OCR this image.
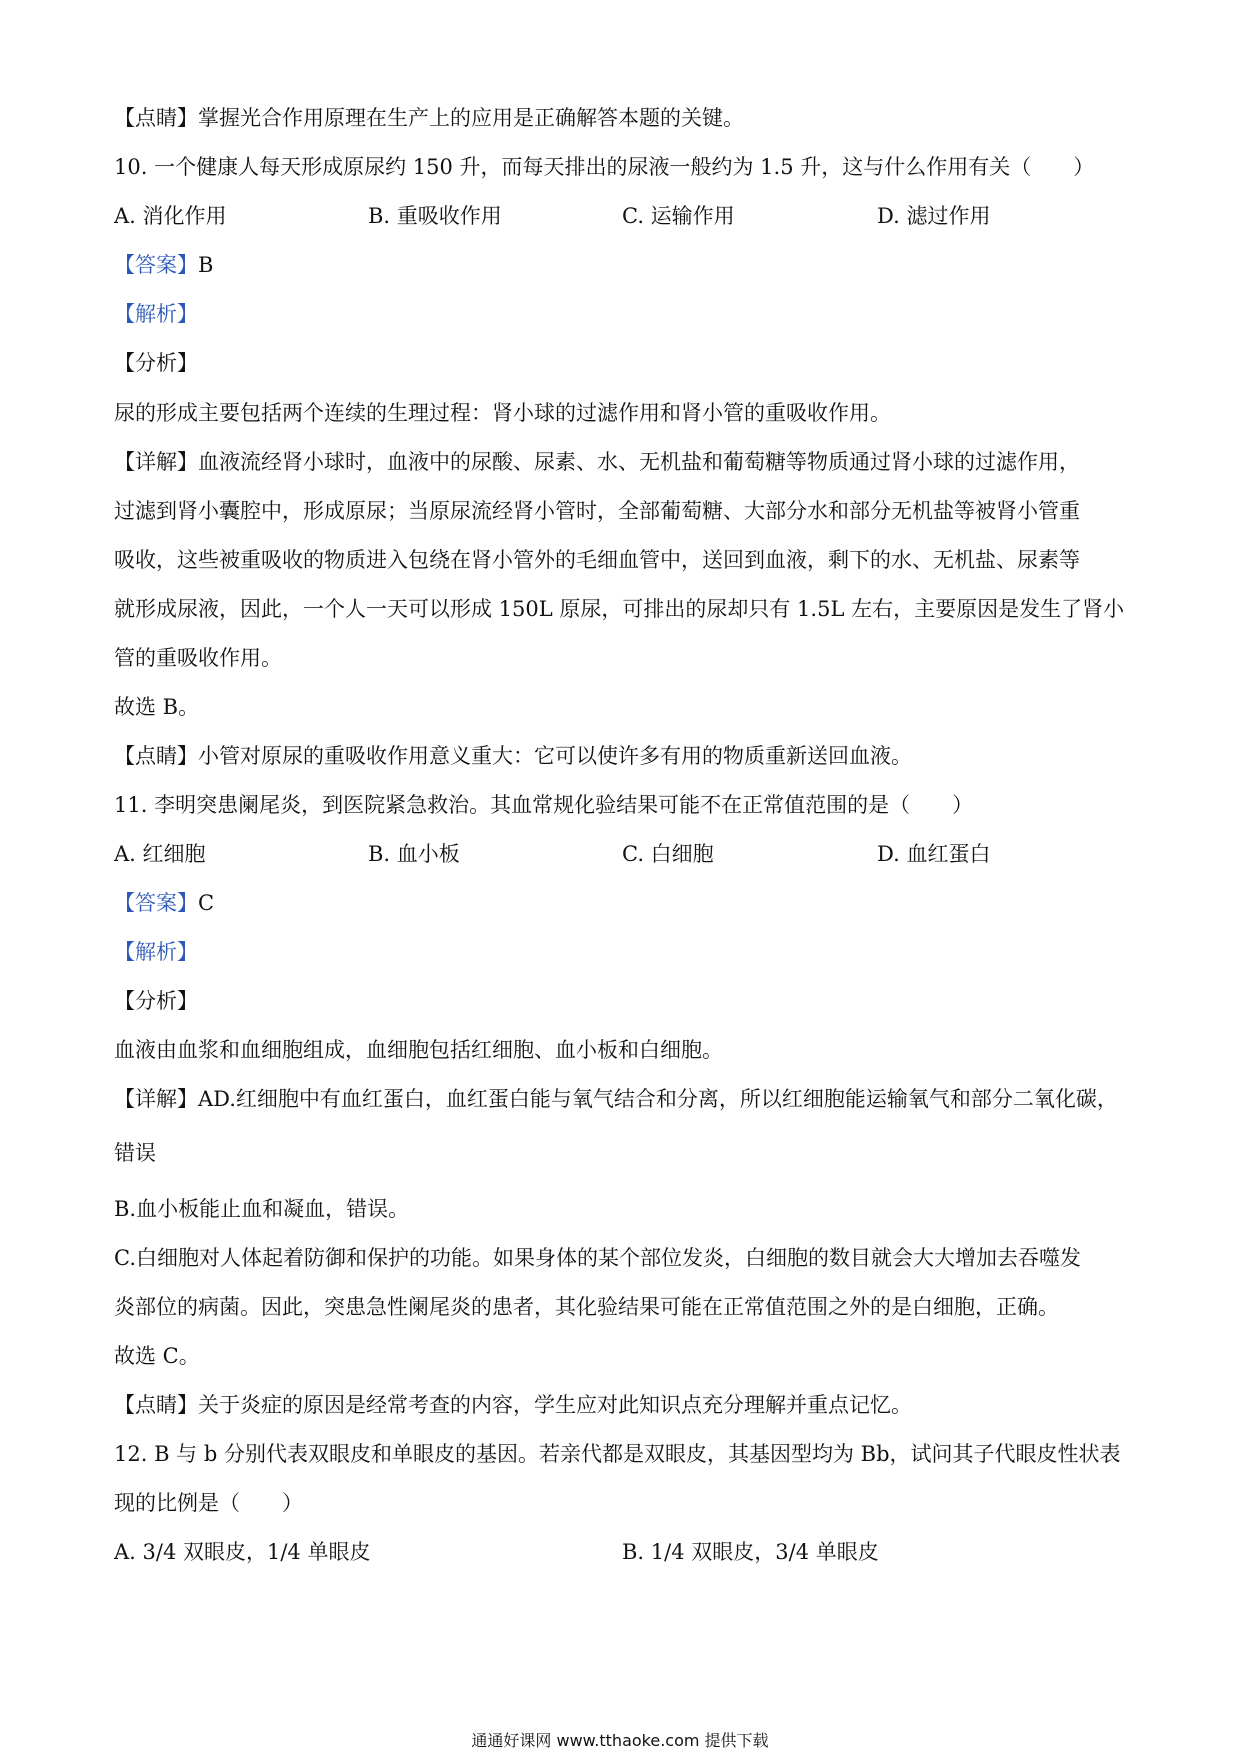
【点睛】掌握光合作用原理在生产上的应用是正确解答本题的关键。
10. 一个健康人每天形成原尿约 150 升，而每天排出的尿液一般约为 1.5 升，这与什么作用有关（　　）
A. 消化作用	B. 重吸收作用	C. 运输作用	D. 滤过作用
【答案】B
【解析】
【分析】
尿的形成主要包括两个连续的生理过程：肾小球的过滤作用和肾小管的重吸收作用。
【详解】血液流经肾小球时，血液中的尿酸、尿素、水、无机盐和葡萄糖等物质通过肾小球的过滤作用，
过滤到肾小囊腔中，形成原尿；当原尿流经肾小管时，全部葡萄糖、大部分水和部分无机盐等被肾小管重
吸收，这些被重吸收的物质进入包绕在肾小管外的毛细血管中，送回到血液，剩下的水、无机盐、尿素等
就形成尿液，因此，一个人一天可以形成 150L 原尿，可排出的尿却只有 1.5L 左右，主要原因是发生了肾小
管的重吸收作用。
故选 B。
【点睛】小管对原尿的重吸收作用意义重大：它可以使许多有用的物质重新送回血液。
11. 李明突患阑尾炎，到医院紧急救治。其血常规化验结果可能不在正常值范围的是（　　）
A. 红细胞	B. 血小板	C. 白细胞	D. 血红蛋白
【答案】C
【解析】
【分析】
血液由血浆和血细胞组成，血细胞包括红细胞、血小板和白细胞。
【详解】AD.红细胞中有血红蛋白，血红蛋白能与氧气结合和分离，所以红细胞能运输氧气和部分二氧化碳，
错误
B.血小板能止血和凝血，错误。
C.白细胞对人体起着防御和保护的功能。如果身体的某个部位发炎，白细胞的数目就会大大增加去吞噬发
炎部位的病菌。因此，突患急性阑尾炎的患者，其化验结果可能在正常值范围之外的是白细胞，正确。
故选 C。
【点睛】关于炎症的原因是经常考查的内容，学生应对此知识点充分理解并重点记忆。
12. B 与 b 分别代表双眼皮和单眼皮的基因。若亲代都是双眼皮，其基因型均为 Bb，试问其子代眼皮性状表
现的比例是（　　）
A. 3/4 双眼皮，1/4 单眼皮	B. 1/4 双眼皮，3/4 单眼皮
通通好课网 www.tthaoke.com 提供下载
